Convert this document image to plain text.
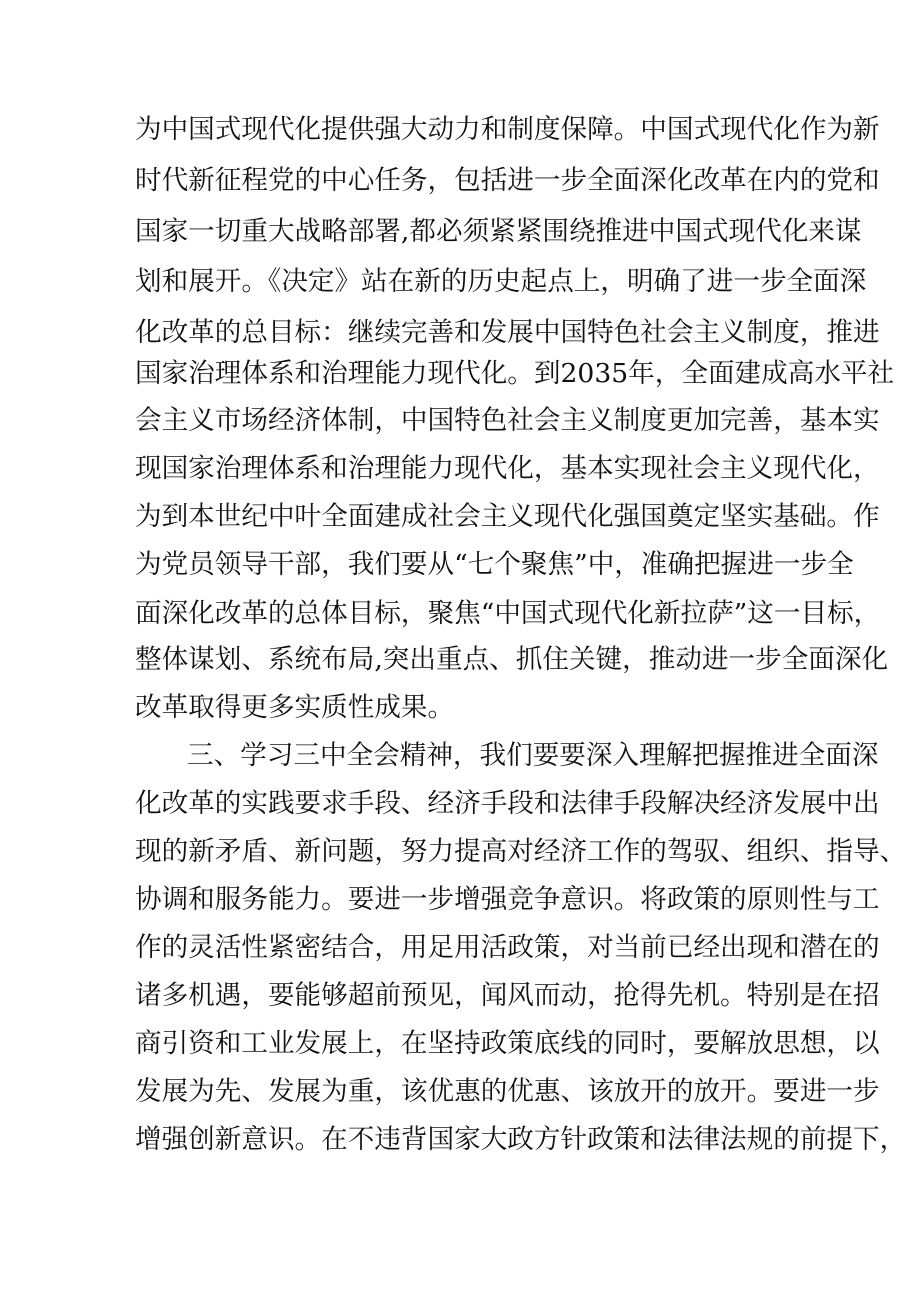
为中国式现代化提供强大动力和制度保障。中国式现代化作为新
时代新征程党的中心任务，包括进一步全面深化改革在内的党和
国家一切重大战略部署,都必须紧紧围绕推进中国式现代化来谋
划和展开。《决定》站在新的历史起点上，明确了进一步全面深
化改革的总目标：继续完善和发展中国特色社会主义制度，推进
国家治理体系和治理能力现代化。到2035年，全面建成高水平社
会主义市场经济体制，中国特色社会主义制度更加完善，基本实
现国家治理体系和治理能力现代化，基本实现社会主义现代化，
为到本世纪中叶全面建成社会主义现代化强国奠定坚实基础。作
为党员领导干部，我们要从“七个聚焦”中，准确把握进一步全
面深化改革的总体目标，聚焦“中国式现代化新拉萨”这一目标，
整体谋划、系统布局,突出重点、抓住关键，推动进一步全面深化
改革取得更多实质性成果。
三、学习三中全会精神，我们要要深入理解把握推进全面深
化改革的实践要求手段、经济手段和法律手段解决经济发展中出
现的新矛盾、新问题，努力提高对经济工作的驾驭、组织、指导、
协调和服务能力。要进一步增强竞争意识。将政策的原则性与工
作的灵活性紧密结合，用足用活政策，对当前已经出现和潜在的
诸多机遇，要能够超前预见，闻风而动，抢得先机。特别是在招
商引资和工业发展上，在坚持政策底线的同时，要解放思想，以
发展为先、发展为重，该优惠的优惠、该放开的放开。要进一步
增强创新意识。在不违背国家大政方针政策和法律法规的前提下，
